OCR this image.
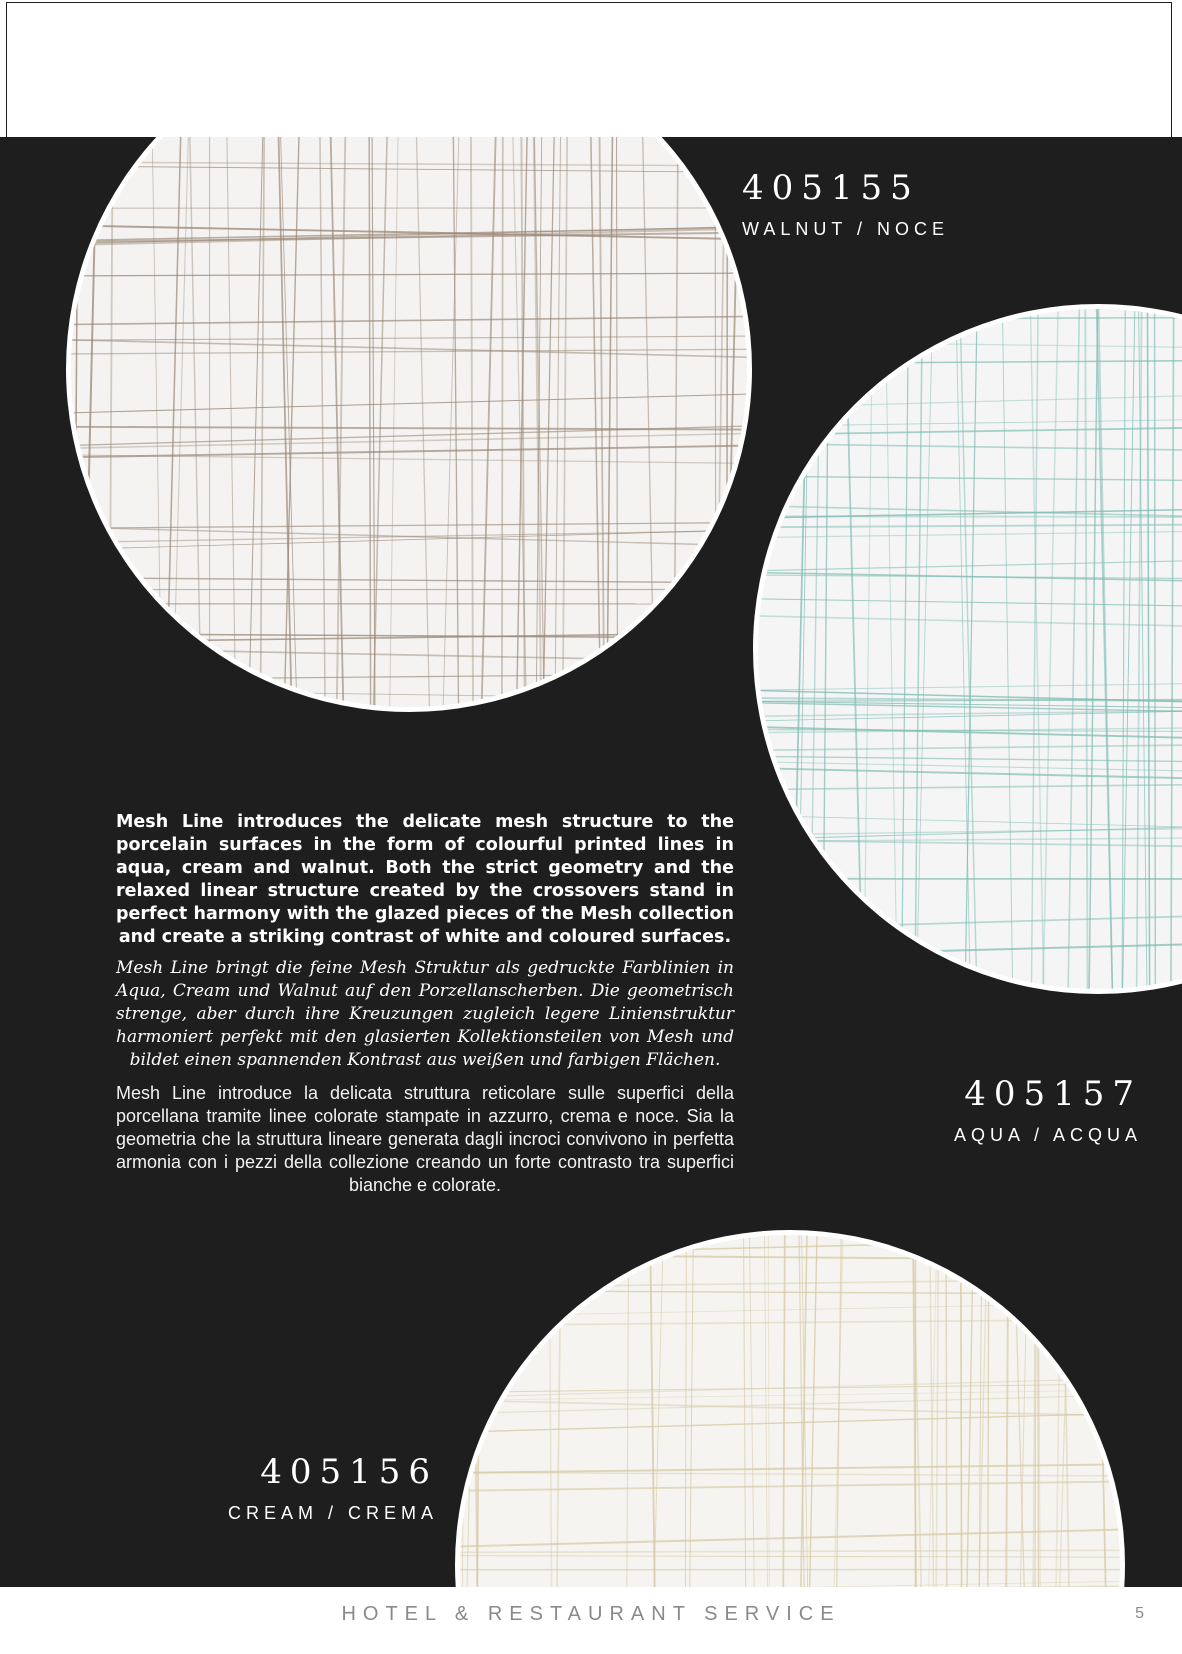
405155
WALNUT / NOCE
405157
AQUA / ACQUA
405156
CREAM / CREMA

Mesh Line introduces the delicate mesh structure to the porcelain surfaces in the form of colourful printed lines in aqua, cream and walnut. Both the strict geometry and the relaxed linear structure created by the crossovers stand in perfect harmony with the glazed pieces of the Mesh collection and create a striking contrast of white and coloured surfaces.

Mesh Line bringt die feine Mesh Struktur als gedruckte Farblinien in Aqua, Cream und Walnut auf den Porzellanscherben. Die geometrisch strenge, aber durch ihre Kreuzungen zugleich legere Linienstruktur harmoniert perfekt mit den glasierten Kollektionsteilen von Mesh und bildet einen spannenden Kontrast aus weißen und farbigen Flächen.

Mesh Line introduce la delicata struttura reticolare sulle superfici della porcellana tramite linee colorate stampate in azzurro, crema e noce. Sia la geometria che la struttura lineare generata dagli incroci convivono in perfetta armonia con i pezzi della collezione creando un forte contrasto tra superfici bianche e colorate.

HOTEL & RESTAURANT SERVICE	5
